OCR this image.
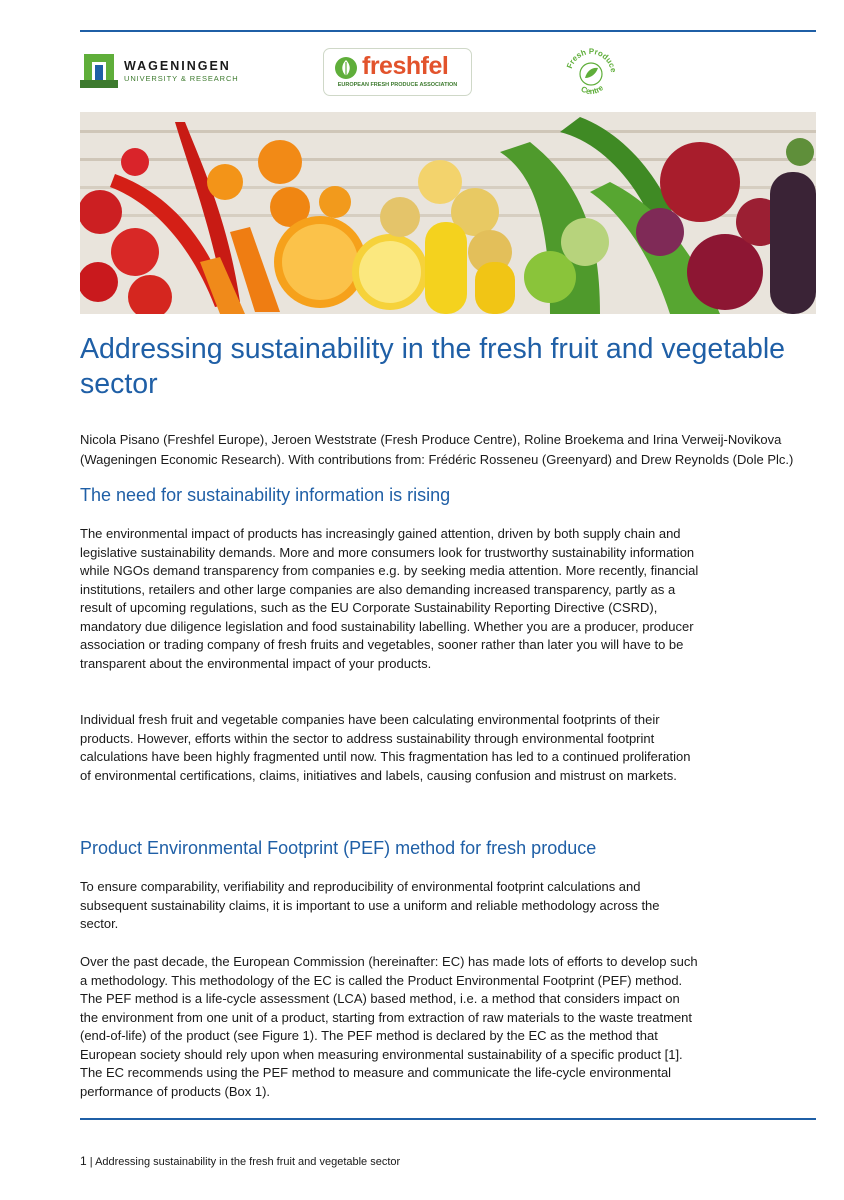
WAGENINGEN
UNIVERSITY & RESEARCH	freshfel
EUROPEAN FRESH PRODUCE ASSOCIATION
Fresh Produce
Centre
Addressing sustainability in the fresh fruit and vegetable sector

Nicola Pisano (Freshfel Europe), Jeroen Weststrate (Fresh Produce Centre), Roline Broekema and Irina Verweij-Novikova (Wageningen Economic Research). With contributions from: Frédéric Rosseneu (Greenyard) and Drew Reynolds (Dole Plc.)

The need for sustainability information is rising

The environmental impact of products has increasingly gained attention, driven by both supply chain and legislative sustainability demands. More and more consumers look for trustworthy sustainability information while NGOs demand transparency from companies e.g. by seeking media attention. More recently, financial institutions, retailers and other large companies are also demanding increased transparency, partly as a result of upcoming regulations, such as the EU Corporate Sustainability Reporting Directive (CSRD), mandatory due diligence legislation and food sustainability labelling. Whether you are a producer, producer association or trading company of fresh fruits and vegetables, sooner rather than later you will have to be transparent about the environmental impact of your products.

Individual fresh fruit and vegetable companies have been calculating environmental footprints of their products. However, efforts within the sector to address sustainability through environmental footprint calculations have been highly fragmented until now. This fragmentation has led to a continued proliferation of environmental certifications, claims, initiatives and labels, causing confusion and mistrust on markets.

Product Environmental Footprint (PEF) method for fresh produce

To ensure comparability, verifiability and reproducibility of environmental footprint calculations and subsequent sustainability claims, it is important to use a uniform and reliable methodology across the sector.

Over the past decade, the European Commission (hereinafter: EC) has made lots of efforts to develop such a methodology. This methodology of the EC is called the Product Environmental Footprint (PEF) method. The PEF method is a life-cycle assessment (LCA) based method, i.e. a method that considers impact on the environment from one unit of a product, starting from extraction of raw materials to the waste treatment (end-of-life) of the product (see Figure 1). The PEF method is declared by the EC as the method that European society should rely upon when measuring environmental sustainability of a specific product [1]. The EC recommends using the PEF method to measure and communicate the life-cycle environmental performance of products (Box 1).

1 | Addressing sustainability in the fresh fruit and vegetable sector
